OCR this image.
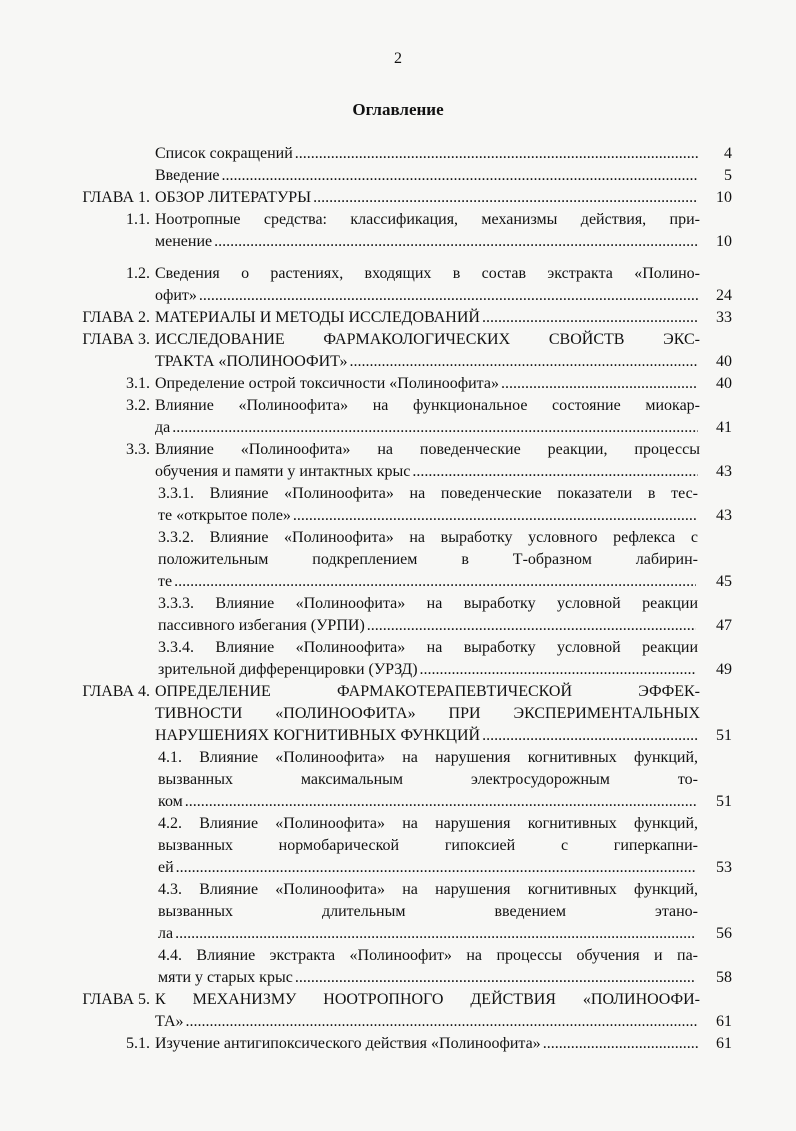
2
Оглавление
Список сокращений . . .	4
Введение . . .	5
ГЛАВА 1. ОБЗОР ЛИТЕРАТУРЫ . . .	10
1.1. Ноотропные средства: классификация, механизмы действия, при-
менение . . .	10
1.2. Сведения о растениях, входящих в состав экстракта «Полино-
офит» . . .	24
ГЛАВА 2. МАТЕРИАЛЫ И МЕТОДЫ ИССЛЕДОВАНИЙ . . .	33
ГЛАВА 3. ИССЛЕДОВАНИЕ ФАРМАКОЛОГИЧЕСКИХ СВОЙСТВ ЭКС-
ТРАКТА «ПОЛИНООФИТ» . . .	40
3.1. Определение острой токсичности «Полиноофита» . . .	40
3.2. Влияние «Полиноофита» на функциональное состояние миокар-
да . . .	41
3.3. Влияние «Полиноофита» на поведенческие реакции, процессы
обучения и памяти у интактных крыс . . .	43
3.3.1. Влияние «Полиноофита» на поведенческие показатели в тес-
те «открытое поле» . . .	43
3.3.2. Влияние «Полиноофита» на выработку условного рефлекса с
положительным подкреплением в Т-образном лабирин-
те . . .	45
3.3.3. Влияние «Полиноофита» на выработку условной реакции
пассивного избегания (УРПИ) . . .	47
3.3.4. Влияние «Полиноофита» на выработку условной реакции
зрительной дифференцировки (УРЗД) . . .	49
ГЛАВА 4. ОПРЕДЕЛЕНИЕ ФАРМАКОТЕРАПЕВТИЧЕСКОЙ ЭФФЕК-
ТИВНОСТИ «ПОЛИНООФИТА» ПРИ ЭКСПЕРИМЕНТАЛЬНЫХ
НАРУШЕНИЯХ КОГНИТИВНЫХ ФУНКЦИЙ . . .	51
4.1. Влияние «Полиноофита» на нарушения когнитивных функций,
вызванных максимальным электросудорожным то-
ком . . .	51
4.2. Влияние «Полиноофита» на нарушения когнитивных функций,
вызванных нормобарической гипоксией с гиперкапни-
ей . . .	53
4.3. Влияние «Полиноофита» на нарушения когнитивных функций,
вызванных длительным введением этано-
ла . . .	56
4.4. Влияние экстракта «Полиноофит» на процессы обучения и па-
мяти у старых крыс . . .	58
ГЛАВА 5. К МЕХАНИЗМУ НООТРОПНОГО ДЕЙСТВИЯ «ПОЛИНООФИ-
ТА» . . .	61
5.1. Изучение антигипоксического действия «Полиноофита» . . .	61
